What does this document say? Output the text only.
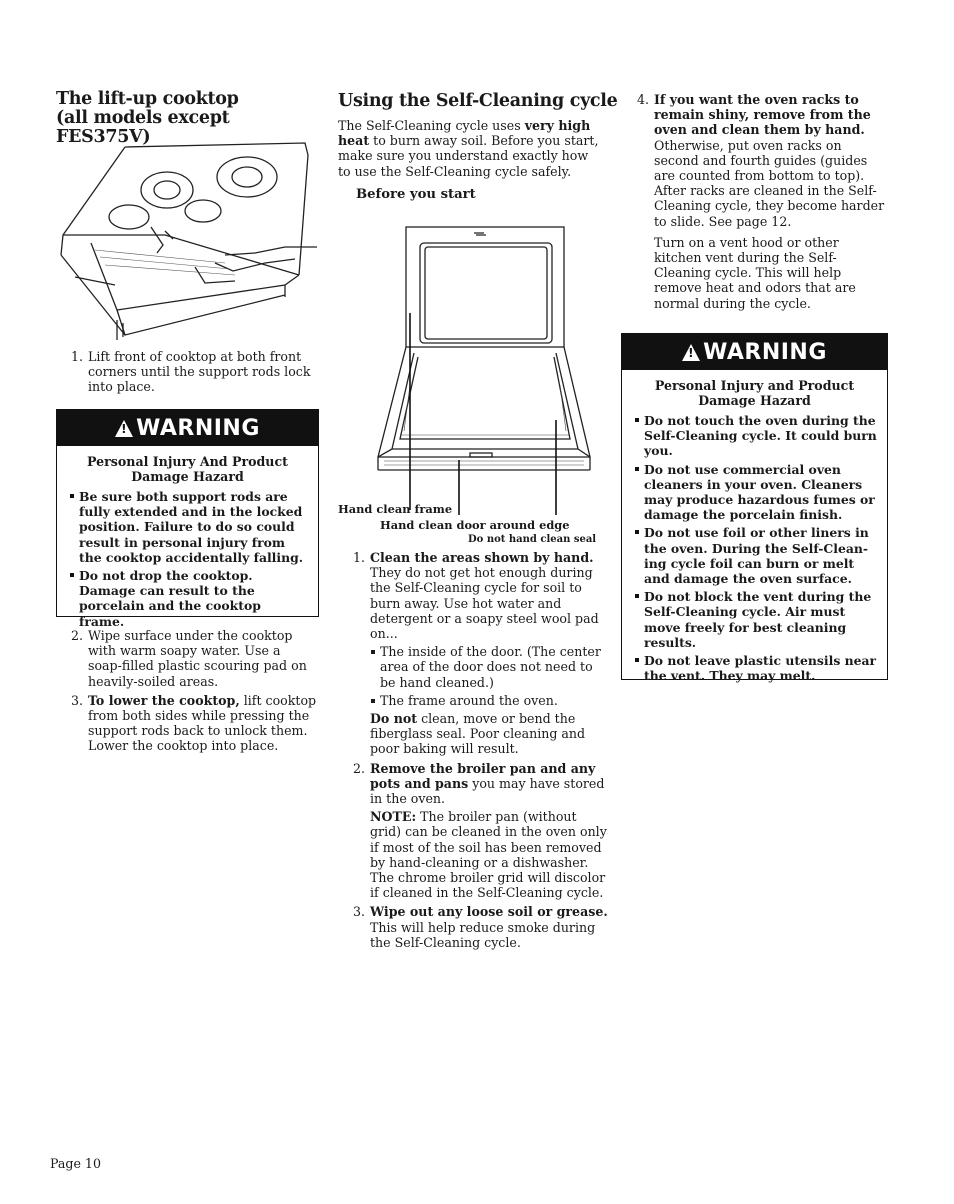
The lift-up cooktop
(all models except FES375V)
1. Lift front of cooktop at both front corners until the support rods lock into place.
!
WARNING
Personal Injury And Product
Damage Hazard
Be sure both support rods are fully extended and in the locked position. Failure to do so could result in personal injury from the cooktop accidentally falling.
Do not drop the cooktop. Damage can result to the porcelain and the cooktop frame.
2. Wipe surface under the cooktop with warm soapy water. Use a soap-filled plastic scouring pad on heavily-soiled areas.
3. To lower the cooktop, lift cooktop from both sides while pressing the support rods back to unlock them. Lower the cooktop into place.
Using the Self-Cleaning cycle
The Self-Cleaning cycle uses very high heat to burn away soil. Before you start, make sure you understand exactly how to use the Self-Cleaning cycle safely.
Before you start
Hand clean frame
Hand clean door around edge
Do not hand clean seal
1. Clean the areas shown by hand.
They do not get hot enough during the Self-Cleaning cycle for soil to burn away. Use hot water and detergent or a soapy steel wool pad on...
The inside of the door. (The center area of the door does not need to be hand cleaned.)
The frame around the oven.
Do not clean, move or bend the fiberglass seal. Poor cleaning and poor baking will result.
2. Remove the broiler pan and any pots and pans you may have stored in the oven.
NOTE: The broiler pan (without grid) can be cleaned in the oven only if most of the soil has been removed by hand-cleaning or a dishwasher. The chrome broiler grid will discolor if cleaned in the Self-Cleaning cycle.
3. Wipe out any loose soil or grease.
This will help reduce smoke during the Self-Cleaning cycle.
4. If you want the oven racks to remain shiny, remove from the oven and clean them by hand.
Otherwise, put oven racks on second and fourth guides (guides are counted from bottom to top). After racks are cleaned in the Self-Cleaning cycle, they become harder to slide. See page 12.
Turn on a vent hood or other kitchen vent during the Self-Cleaning cycle. This will help remove heat and odors that are normal during the cycle.
!
WARNING
Personal Injury and Product
Damage Hazard
Do not touch the oven during the Self-Cleaning cycle. It could burn you.
Do not use commercial oven cleaners in your oven. Cleaners may produce hazardous fumes or damage the porcelain finish.
Do not use foil or other liners in the oven. During the Self-Clean-ing cycle foil can burn or melt and damage the oven surface.
Do not block the vent during the Self-Cleaning cycle. Air must move freely for best cleaning results.
Do not leave plastic utensils near the vent. They may melt.
Page 10
